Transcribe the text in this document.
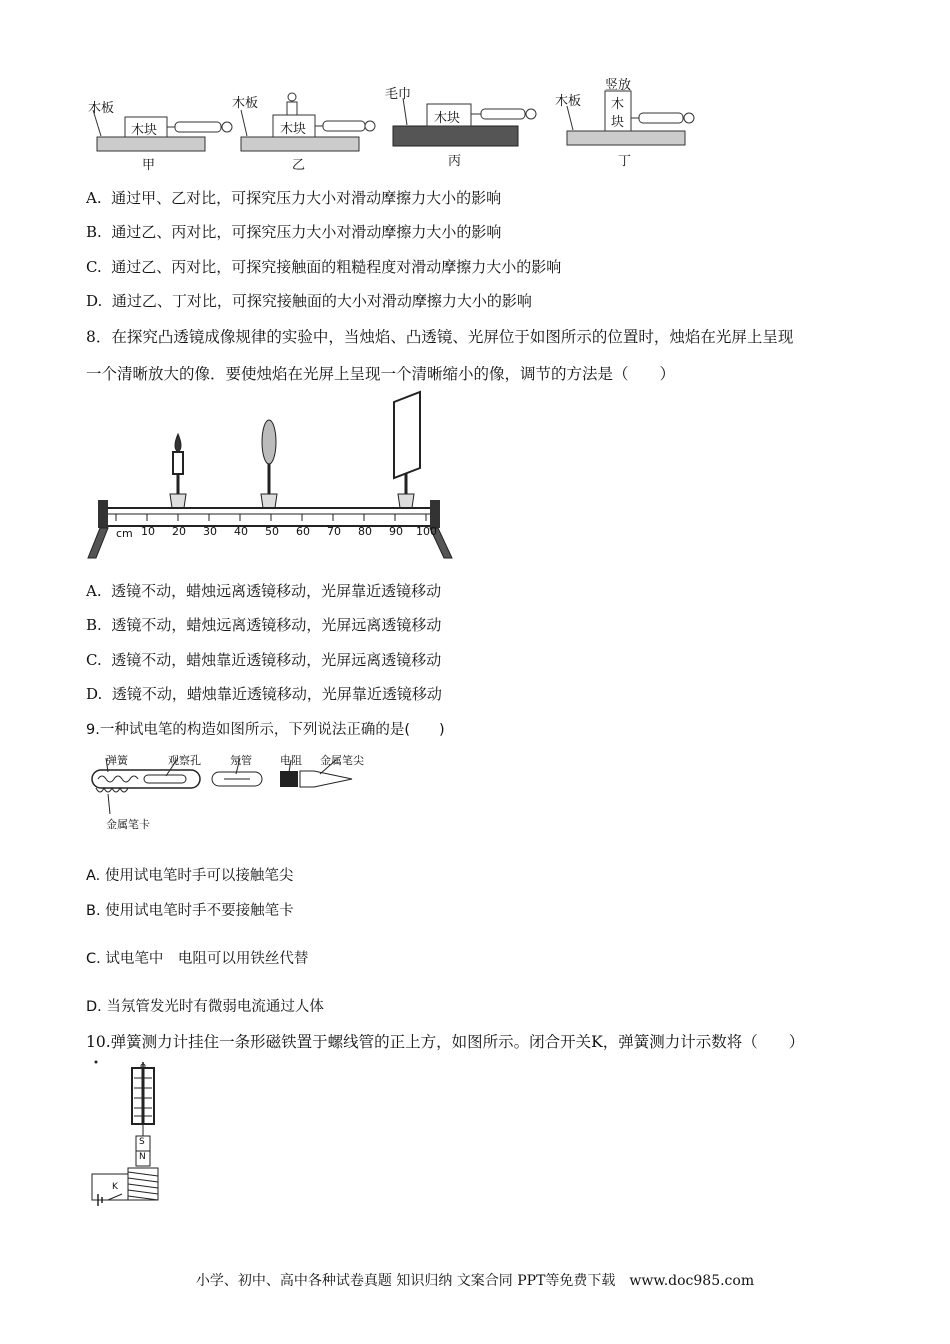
木板
木块
甲
木板
木块
乙
毛巾
木块
丙
木板
竖放
木
块
丁
A. 通过甲、乙对比，可探究压力大小对滑动摩擦力大小的影响
B. 通过乙、丙对比，可探究压力大小对滑动摩擦力大小的影响
C. 通过乙、丙对比，可探究接触面的粗糙程度对滑动摩擦力大小的影响
D. 通过乙、丁对比，可探究接触面的大小对滑动摩擦力大小的影响
8．在探究凸透镜成像规律的实验中，当烛焰、凸透镜、光屏位于如图所示的位置时，烛焰在光屏上呈现
一个清晰放大的像．要使烛焰在光屏上呈现一个清晰缩小的像，调节的方法是（　　）
cm 10 20 30 40 50 60 70 80 90 100
A. 透镜不动，蜡烛远离透镜移动，光屏靠近透镜移动
B. 透镜不动，蜡烛远离透镜移动，光屏远离透镜移动
C. 透镜不动，蜡烛靠近透镜移动，光屏远离透镜移动
D. 透镜不动，蜡烛靠近透镜移动，光屏靠近透镜移动
9.一种试电笔的构造如图所示，下列说法正确的是(　　)
弹簧	观察孔	氖管	电阻 金属笔尖
金属笔卡
A. 使用试电笔时手可以接触笔尖
B. 使用试电笔时手不要接触笔卡
C. 试电笔中　电阻可以用铁丝代替
D. 当氖管发光时有微弱电流通过人体
10.弹簧测力计挂住一条形磁铁置于螺线管的正上方，如图所示。闭合开关K，弹簧测力计示数将（　　）
S
N
K
小学、初中、高中各种试卷真题 知识归纳 文案合同 PPT等免费下载　www.doc985.com
